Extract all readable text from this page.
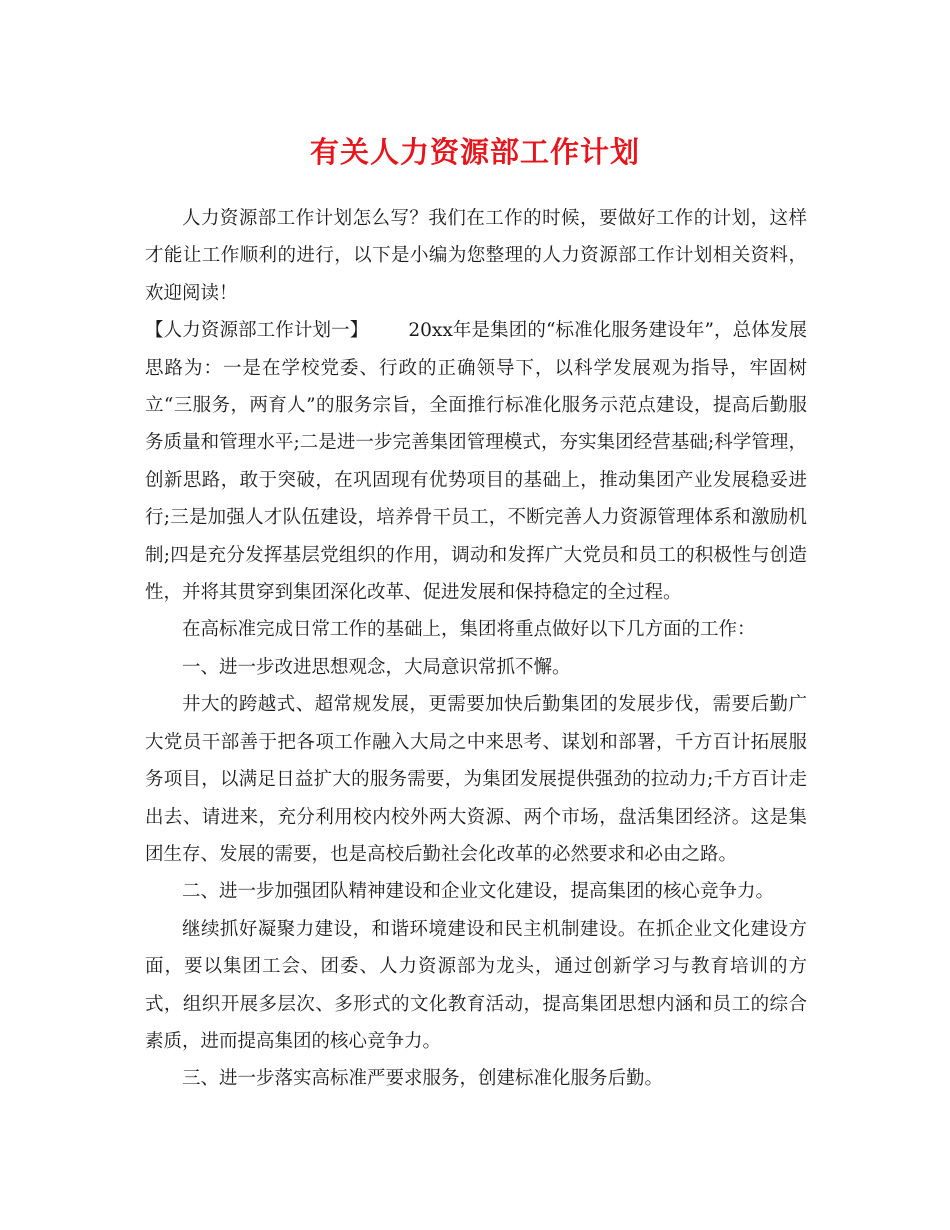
有关人力资源部工作计划

人力资源部工作计划怎么写？我们在工作的时候，要做好工作的计划，这样才能让工作顺利的进行，以下是小编为您整理的人力资源部工作计划相关资料，欢迎阅读！

【人力资源部工作计划一】 20xx年是集团的“标准化服务建设年”，总体发展思路为：一是在学校党委、行政的正确领导下，以科学发展观为指导，牢固树立“三服务，两育人”的服务宗旨，全面推行标准化服务示范点建设，提高后勤服务质量和管理水平;二是进一步完善集团管理模式，夯实集团经营基础;科学管理，创新思路，敢于突破，在巩固现有优势项目的基础上，推动集团产业发展稳妥进行;三是加强人才队伍建设，培养骨干员工，不断完善人力资源管理体系和激励机制;四是充分发挥基层党组织的作用，调动和发挥广大党员和员工的积极性与创造性，并将其贯穿到集团深化改革、促进发展和保持稳定的全过程。

在高标准完成日常工作的基础上，集团将重点做好以下几方面的工作：

一、进一步改进思想观念，大局意识常抓不懈。

井大的跨越式、超常规发展，更需要加快后勤集团的发展步伐，需要后勤广大党员干部善于把各项工作融入大局之中来思考、谋划和部署，千方百计拓展服务项目，以满足日益扩大的服务需要，为集团发展提供强劲的拉动力;千方百计走出去、请进来，充分利用校内校外两大资源、两个市场，盘活集团经济。这是集团生存、发展的需要，也是高校后勤社会化改革的必然要求和必由之路。

二、进一步加强团队精神建设和企业文化建设，提高集团的核心竞争力。

继续抓好凝聚力建设，和谐环境建设和民主机制建设。在抓企业文化建设方面，要以集团工会、团委、人力资源部为龙头，通过创新学习与教育培训的方式，组织开展多层次、多形式的文化教育活动，提高集团思想内涵和员工的综合素质，进而提高集团的核心竞争力。

三、进一步落实高标准严要求服务，创建标准化服务后勤。
